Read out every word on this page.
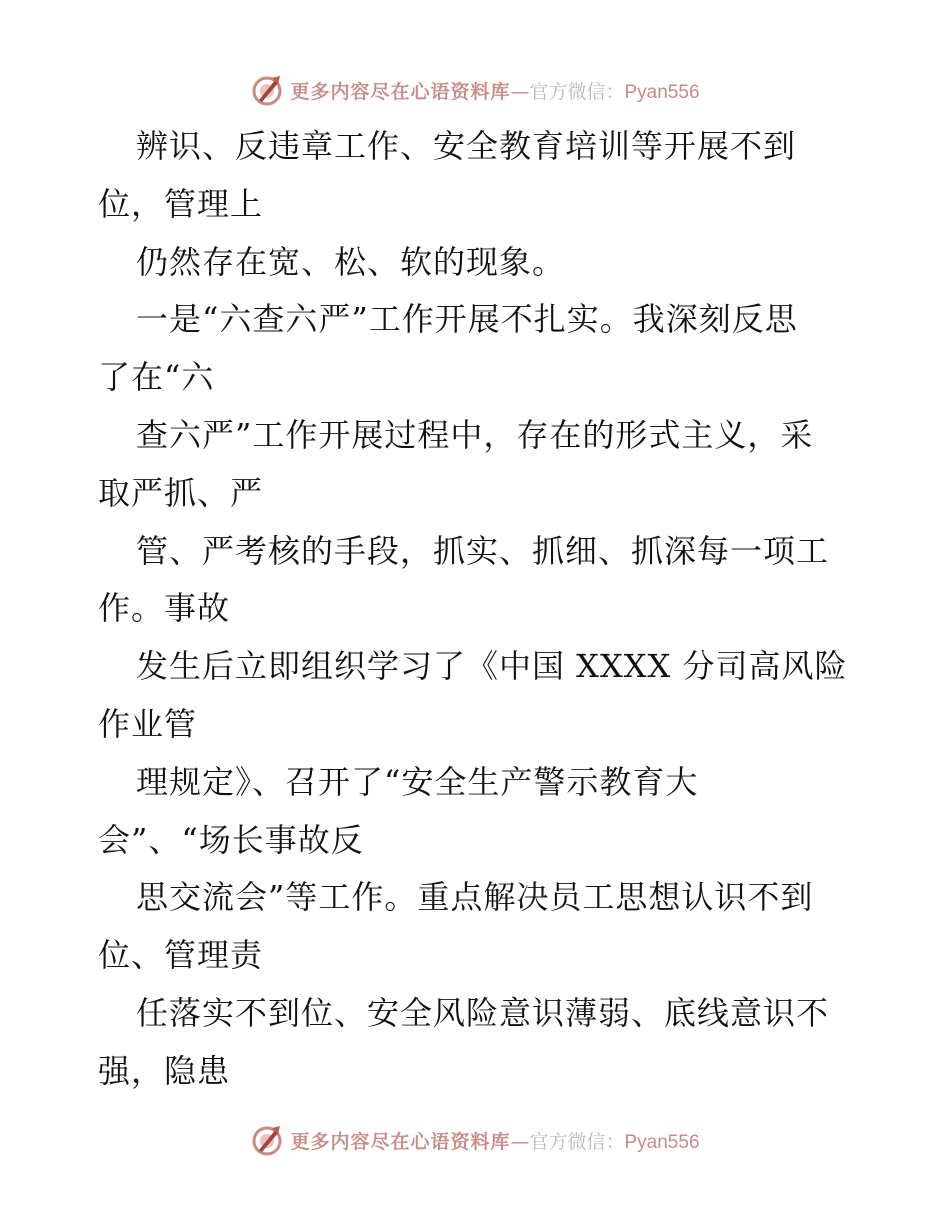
更多内容尽在心语资料库—官方微信：Pyan556
辨识、反违章工作、安全教育培训等开展不到
位，管理上
仍然存在宽、松、软的现象。
一是“六查六严”工作开展不扎实。我深刻反思
了在“六
查六严”工作开展过程中，存在的形式主义，采
取严抓、严
管、严考核的手段，抓实、抓细、抓深每一项工
作。事故
发生后立即组织学习了《中国 XXXX 分司高风险
作业管
理规定》、召开了“安全生产警示教育大
会”、“场长事故反
思交流会”等工作。重点解决员工思想认识不到
位、管理责
任落实不到位、安全风险意识薄弱、底线意识不
强，隐患
更多内容尽在心语资料库—官方微信：Pyan556
